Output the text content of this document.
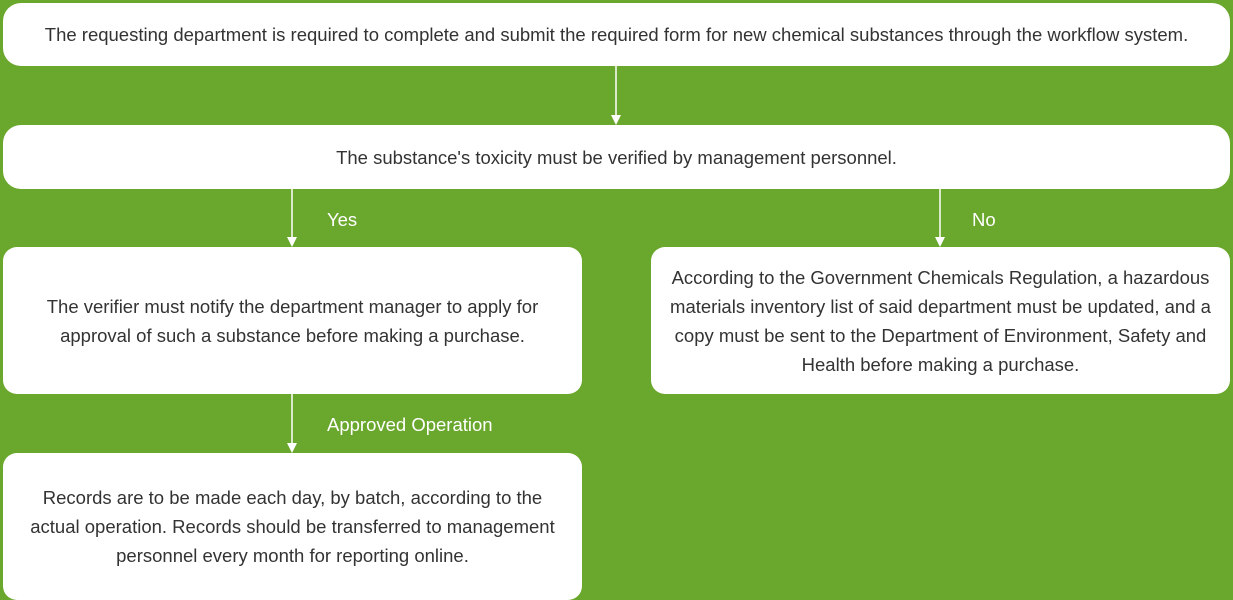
The requesting department is required to complete and submit the required form for new chemical substances through the workflow system.
The substance's toxicity must be verified by management personnel.
Yes	No
The verifier must notify the department manager to apply for approval of such a substance before making a purchase.
According to the Government Chemicals Regulation, a hazardous materials inventory list of said department must be updated, and a copy must be sent to the Department of Environment, Safety and Health before making a purchase.
Approved Operation
Records are to be made each day, by batch, according to the actual operation. Records should be transferred to management personnel every month for reporting online.
